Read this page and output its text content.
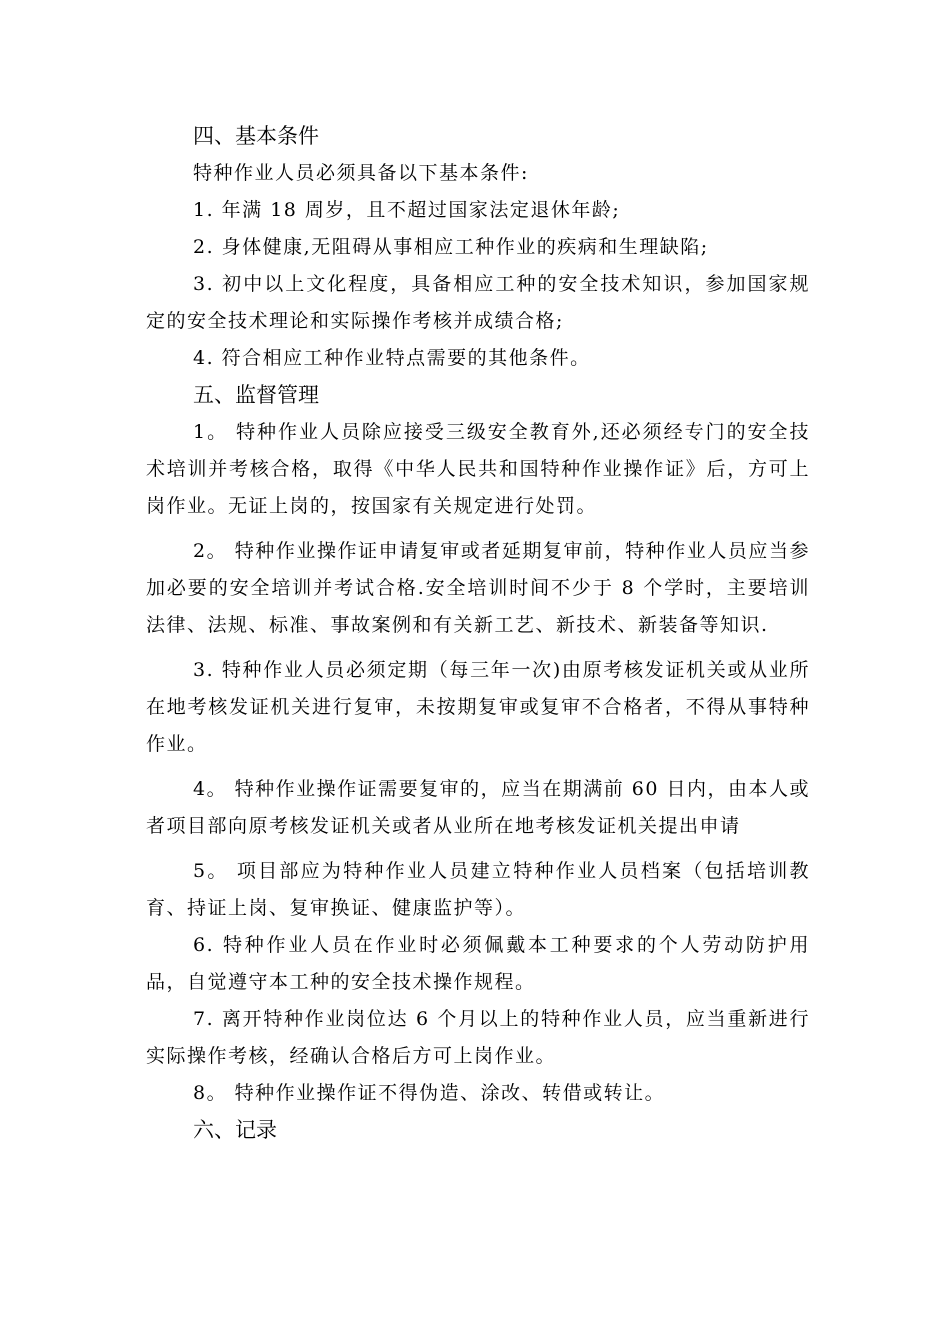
四、基本条件

特种作业人员必须具备以下基本条件:

1. 年满 18 周岁，且不超过国家法定退休年龄;

2. 身体健康,无阻碍从事相应工种作业的疾病和生理缺陷;

3. 初中以上文化程度，具备相应工种的安全技术知识，参加国家规定的安全技术理论和实际操作考核并成绩合格;

4. 符合相应工种作业特点需要的其他条件。

五、监督管理

1。 特种作业人员除应接受三级安全教育外,还必须经专门的安全技术培训并考核合格，取得《中华人民共和国特种作业操作证》后，方可上岗作业。无证上岗的，按国家有关规定进行处罚。

2。 特种作业操作证申请复审或者延期复审前，特种作业人员应当参加必要的安全培训并考试合格.安全培训时间不少于 8 个学时，主要培训法律、法规、标准、事故案例和有关新工艺、新技术、新装备等知识.

3. 特种作业人员必须定期（每三年一次)由原考核发证机关或从业所在地考核发证机关进行复审，未按期复审或复审不合格者，不得从事特种作业。

4。 特种作业操作证需要复审的，应当在期满前 60 日内，由本人或者项目部向原考核发证机关或者从业所在地考核发证机关提出申请

5。 项目部应为特种作业人员建立特种作业人员档案（包括培训教育、持证上岗、复审换证、健康监护等）。

6. 特种作业人员在作业时必须佩戴本工种要求的个人劳动防护用品，自觉遵守本工种的安全技术操作规程。

7. 离开特种作业岗位达 6 个月以上的特种作业人员，应当重新进行实际操作考核，经确认合格后方可上岗作业。

8。 特种作业操作证不得伪造、涂改、转借或转让。

六、记录
